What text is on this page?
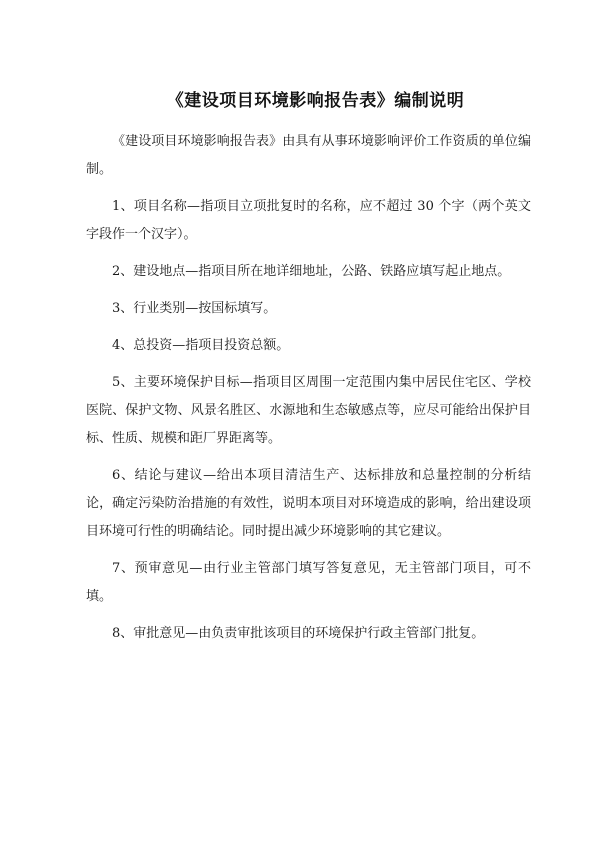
《建设项目环境影响报告表》编制说明

《建设项目环境影响报告表》由具有从事环境影响评价工作资质的单位编制。

1、项目名称—指项目立项批复时的名称，应不超过 30 个字（两个英文字段作一个汉字）。

2、建设地点—指项目所在地详细地址，公路、铁路应填写起止地点。

3、行业类别—按国标填写。

4、总投资—指项目投资总额。

5、主要环境保护目标—指项目区周围一定范围内集中居民住宅区、学校医院、保护文物、风景名胜区、水源地和生态敏感点等，应尽可能给出保护目标、性质、规模和距厂界距离等。

6、结论与建议—给出本项目清洁生产、达标排放和总量控制的分析结论，确定污染防治措施的有效性，说明本项目对环境造成的影响，给出建设项目环境可行性的明确结论。同时提出减少环境影响的其它建议。

7、预审意见—由行业主管部门填写答复意见，无主管部门项目，可不填。

8、审批意见—由负责审批该项目的环境保护行政主管部门批复。
